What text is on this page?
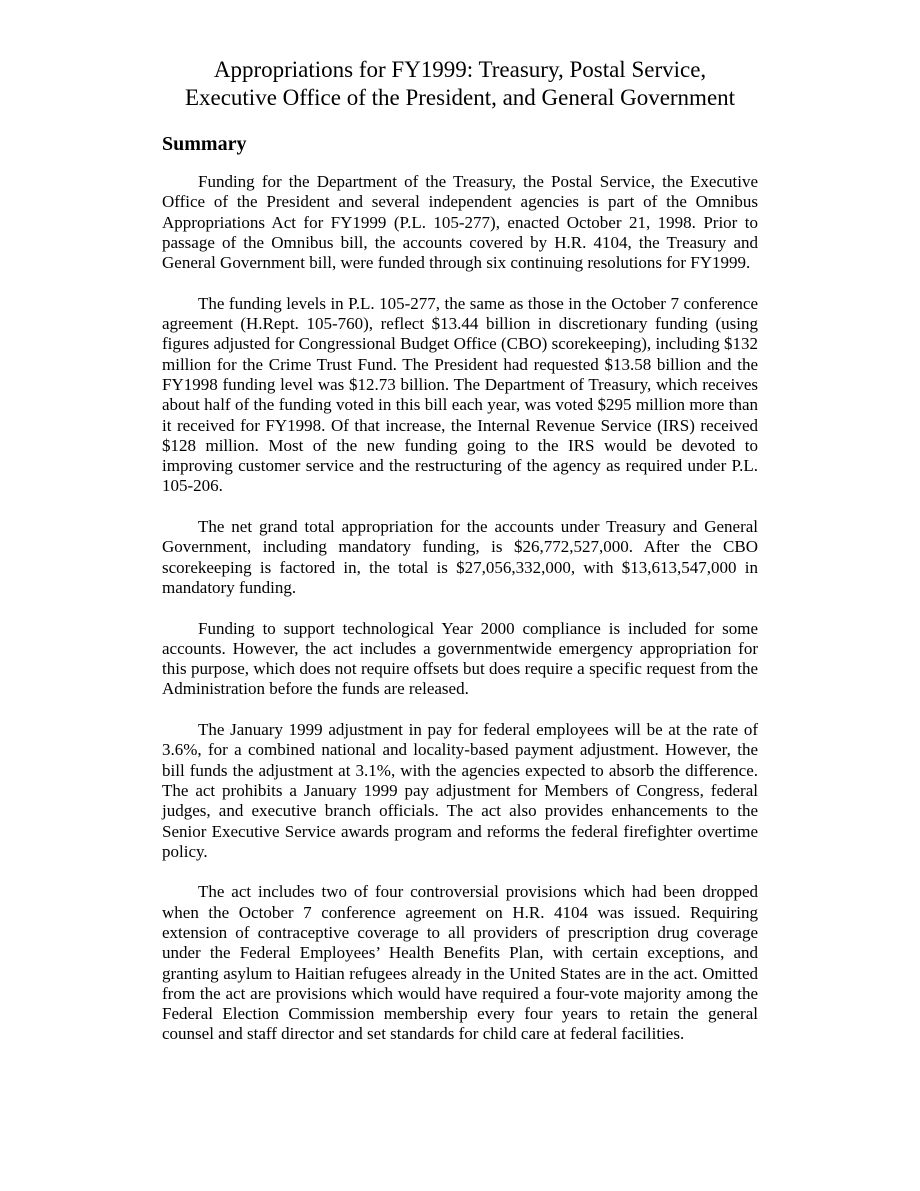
Appropriations for FY1999: Treasury, Postal Service,
Executive Office of the President, and General Government
Summary

Funding for the Department of the Treasury, the Postal Service, the Executive Office of the President and several independent agencies is part of the Omnibus Appropriations Act for FY1999 (P.L. 105-277), enacted October 21, 1998. Prior to passage of the Omnibus bill, the accounts covered by H.R. 4104, the Treasury and General Government bill, were funded through six continuing resolutions for FY1999.

The funding levels in P.L. 105-277, the same as those in the October 7 conference agreement (H.Rept. 105-760), reflect $13.44 billion in discretionary funding (using figures adjusted for Congressional Budget Office (CBO) scorekeeping), including $132 million for the Crime Trust Fund. The President had requested $13.58 billion and the FY1998 funding level was $12.73 billion. The Department of Treasury, which receives about half of the funding voted in this bill each year, was voted $295 million more than it received for FY1998. Of that increase, the Internal Revenue Service (IRS) received $128 million. Most of the new funding going to the IRS would be devoted to improving customer service and the restructuring of the agency as required under P.L. 105-206.

The net grand total appropriation for the accounts under Treasury and General Government, including mandatory funding, is $26,772,527,000. After the CBO scorekeeping is factored in, the total is $27,056,332,000, with $13,613,547,000 in mandatory funding.

Funding to support technological Year 2000 compliance is included for some accounts. However, the act includes a governmentwide emergency appropriation for this purpose, which does not require offsets but does require a specific request from the Administration before the funds are released.

The January 1999 adjustment in pay for federal employees will be at the rate of 3.6%, for a combined national and locality-based payment adjustment. However, the bill funds the adjustment at 3.1%, with the agencies expected to absorb the difference. The act prohibits a January 1999 pay adjustment for Members of Congress, federal judges, and executive branch officials. The act also provides enhancements to the Senior Executive Service awards program and reforms the federal firefighter overtime policy.

The act includes two of four controversial provisions which had been dropped when the October 7 conference agreement on H.R. 4104 was issued. Requiring extension of contraceptive coverage to all providers of prescription drug coverage under the Federal Employees’ Health Benefits Plan, with certain exceptions, and granting asylum to Haitian refugees already in the United States are in the act. Omitted from the act are provisions which would have required a four-vote majority among the Federal Election Commission membership every four years to retain the general counsel and staff director and set standards for child care at federal facilities.
